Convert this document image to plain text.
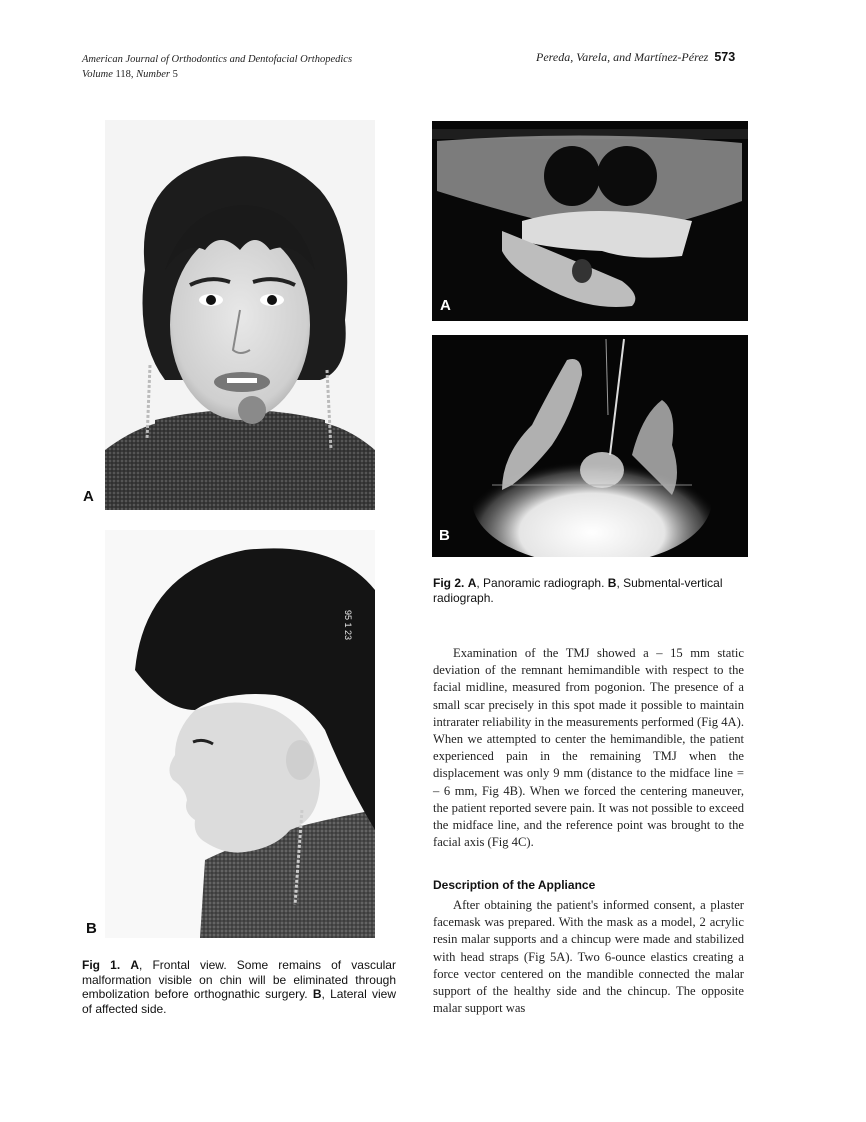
American Journal of Orthodontics and Dentofacial Orthopedics
Volume 118, Number 5
Pereda, Varela, and Martínez-Pérez 573
A
95 1 23
B
Fig 1. A, Frontal view. Some remains of vascular malformation visible on chin will be eliminated through embolization before orthognathic surgery. B, Lateral view of affected side.
A
B
Fig 2. A, Panoramic radiograph. B, Submental-vertical radiograph.

Examination of the TMJ showed a – 15 mm static deviation of the remnant hemimandible with respect to the facial midline, measured from pogonion. The presence of a small scar precisely in this spot made it possible to maintain intrarater reliability in the measurements performed (Fig 4A). When we attempted to center the hemimandible, the patient experienced pain in the remaining TMJ when the displacement was only 9 mm (distance to the midface line = – 6 mm, Fig 4B). When we forced the centering maneuver, the patient reported severe pain. It was not possible to exceed the midface line, and the reference point was brought to the facial axis (Fig 4C).

Description of the Appliance

After obtaining the patient's informed consent, a plaster facemask was prepared. With the mask as a model, 2 acrylic resin malar supports and a chincup were made and stabilized with head straps (Fig 5A). Two 6-ounce elastics creating a force vector centered on the mandible connected the malar support of the healthy side and the chincup. The opposite malar support was
